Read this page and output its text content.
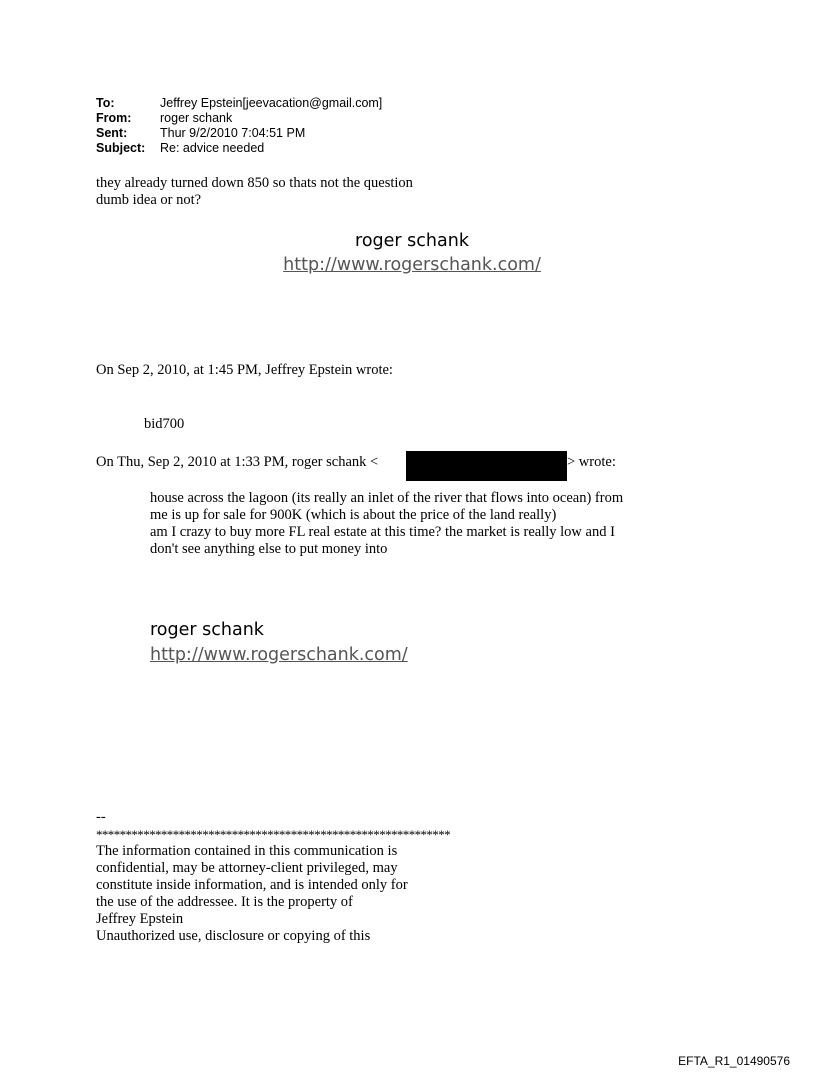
To:	Jeffrey Epstein[jeevacation@gmail.com]
From:	roger schank
Sent:	Thur 9/2/2010 7:04:51 PM
Subject:	Re: advice needed
they already turned down 850 so thats not the question
dumb idea or not?
roger schank
http://www.rogerschank.com/
On Sep 2, 2010, at 1:45 PM, Jeffrey Epstein wrote:
bid700
On Thu, Sep 2, 2010 at 1:33 PM, roger schank <	> wrote:
house across the lagoon (its really an inlet of the river that flows into ocean) from
me is up for sale for 900K (which is about the price of the land really)
am I crazy to buy more FL real estate at this time? the market is really low and I
don't see anything else to put money into
roger schank
http://www.rogerschank.com/
--
************************************************************
The information contained in this communication is
confidential, may be attorney-client privileged, may
constitute inside information, and is intended only for
the use of the addressee. It is the property of
Jeffrey Epstein
Unauthorized use, disclosure or copying of this
EFTA_R1_01490576
